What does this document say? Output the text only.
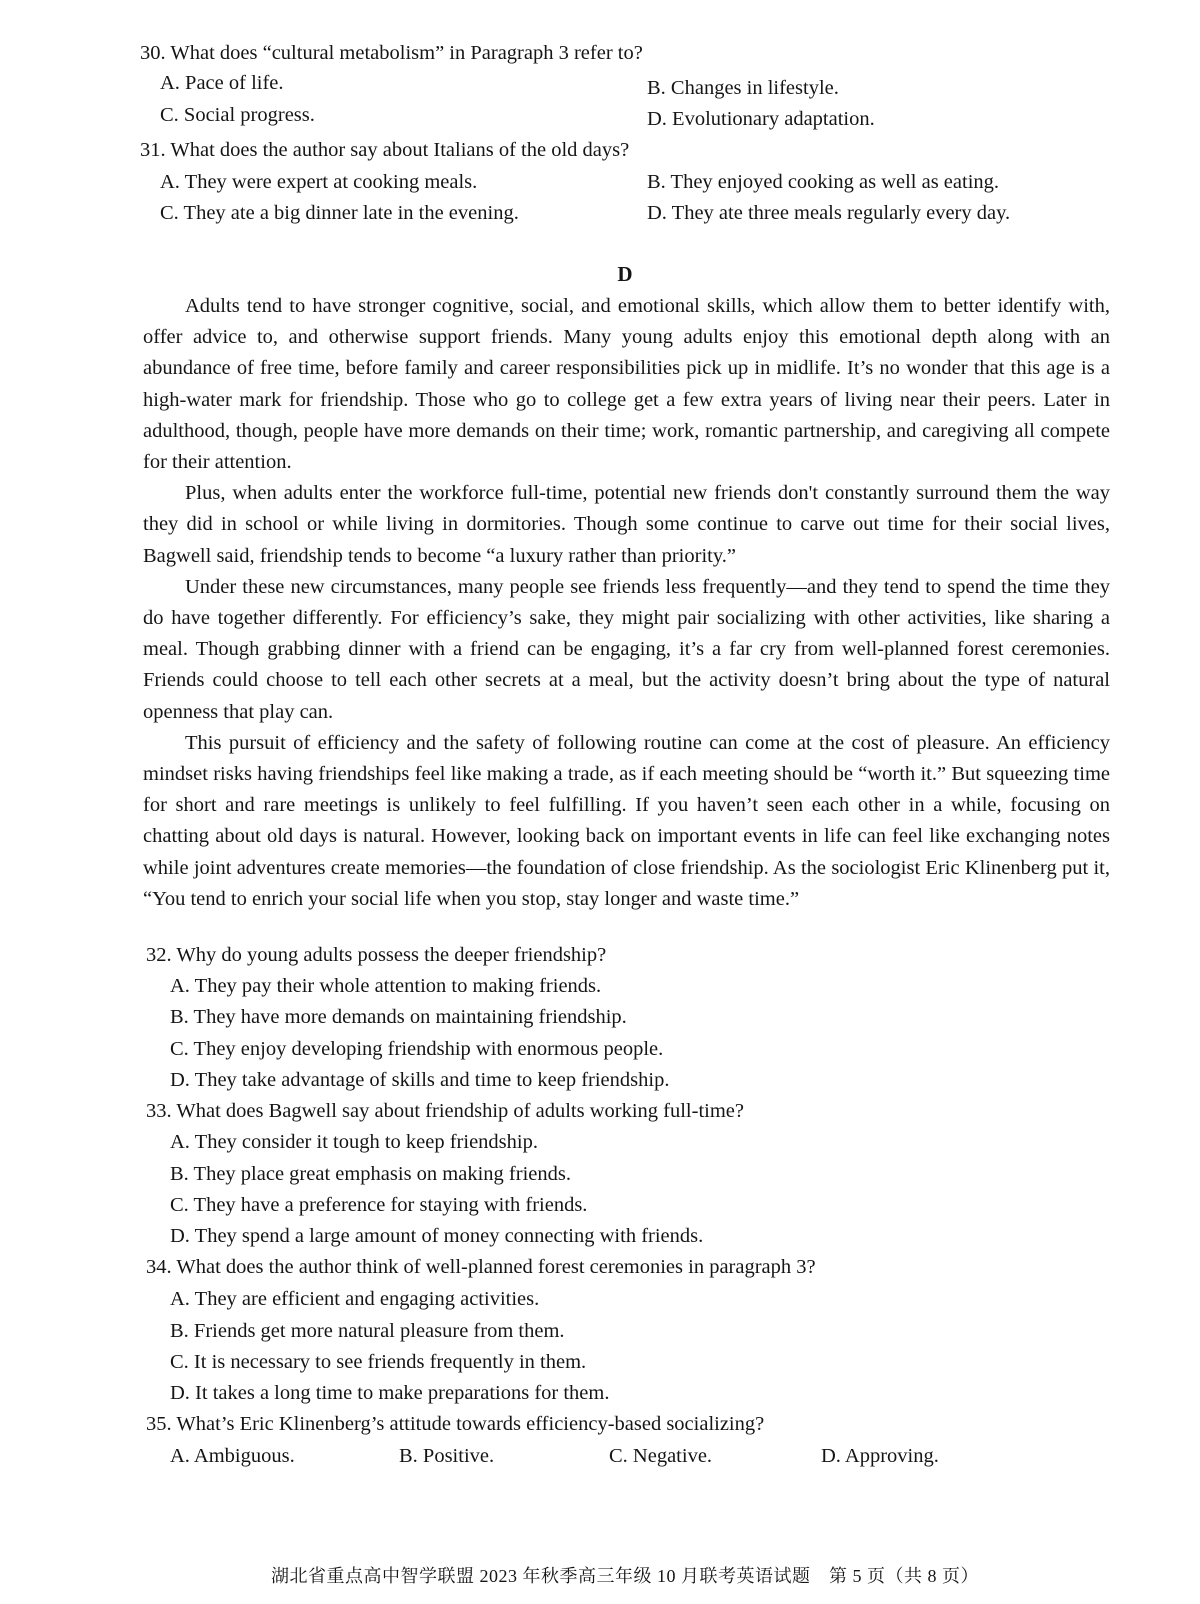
30. What does “cultural metabolism” in Paragraph 3 refer to?
A. Pace of life.	B. Changes in lifestyle.
C. Social progress.	D. Evolutionary adaptation.
31. What does the author say about Italians of the old days?
A. They were expert at cooking meals.	B. They enjoyed cooking as well as eating.
C. They ate a big dinner late in the evening.	D. They ate three meals regularly every day.
D

Adults tend to have stronger cognitive, social, and emotional skills, which allow them to better identify with, offer advice to, and otherwise support friends. Many young adults enjoy this emotional depth along with an abundance of free time, before family and career responsibilities pick up in midlife. It’s no wonder that this age is a high-water mark for friendship. Those who go to college get a few extra years of living near their peers. Later in adulthood, though, people have more demands on their time; work, romantic partnership, and caregiving all compete for their attention.

Plus, when adults enter the workforce full-time, potential new friends don't constantly surround them the way they did in school or while living in dormitories. Though some continue to carve out time for their social lives, Bagwell said, friendship tends to become “a luxury rather than priority.”

Under these new circumstances, many people see friends less frequently—and they tend to spend the time they do have together differently. For efficiency’s sake, they might pair socializing with other activities, like sharing a meal. Though grabbing dinner with a friend can be engaging, it’s a far cry from well-planned forest ceremonies. Friends could choose to tell each other secrets at a meal, but the activity doesn’t bring about the type of natural openness that play can.

This pursuit of efficiency and the safety of following routine can come at the cost of pleasure. An efficiency mindset risks having friendships feel like making a trade, as if each meeting should be “worth it.” But squeezing time for short and rare meetings is unlikely to feel fulfilling. If you haven’t seen each other in a while, focusing on chatting about old days is natural. However, looking back on important events in life can feel like exchanging notes while joint adventures create memories—the foundation of close friendship. As the sociologist Eric Klinenberg put it, “You tend to enrich your social life when you stop, stay longer and waste time.”

32. Why do young adults possess the deeper friendship?
A. They pay their whole attention to making friends.
B. They have more demands on maintaining friendship.
C. They enjoy developing friendship with enormous people.
D. They take advantage of skills and time to keep friendship.
33. What does Bagwell say about friendship of adults working full-time?
A. They consider it tough to keep friendship.
B. They place great emphasis on making friends.
C. They have a preference for staying with friends.
D. They spend a large amount of money connecting with friends.
34. What does the author think of well-planned forest ceremonies in paragraph 3?
A. They are efficient and engaging activities.
B. Friends get more natural pleasure from them.
C. It is necessary to see friends frequently in them.
D. It takes a long time to make preparations for them.
35. What’s Eric Klinenberg’s attitude towards efficiency-based socializing?
A. Ambiguous.	B. Positive.	C. Negative.	D. Approving.
湖北省重点高中智学联盟 2023 年秋季高三年级 10 月联考英语试题　第 5 页（共 8 页）
